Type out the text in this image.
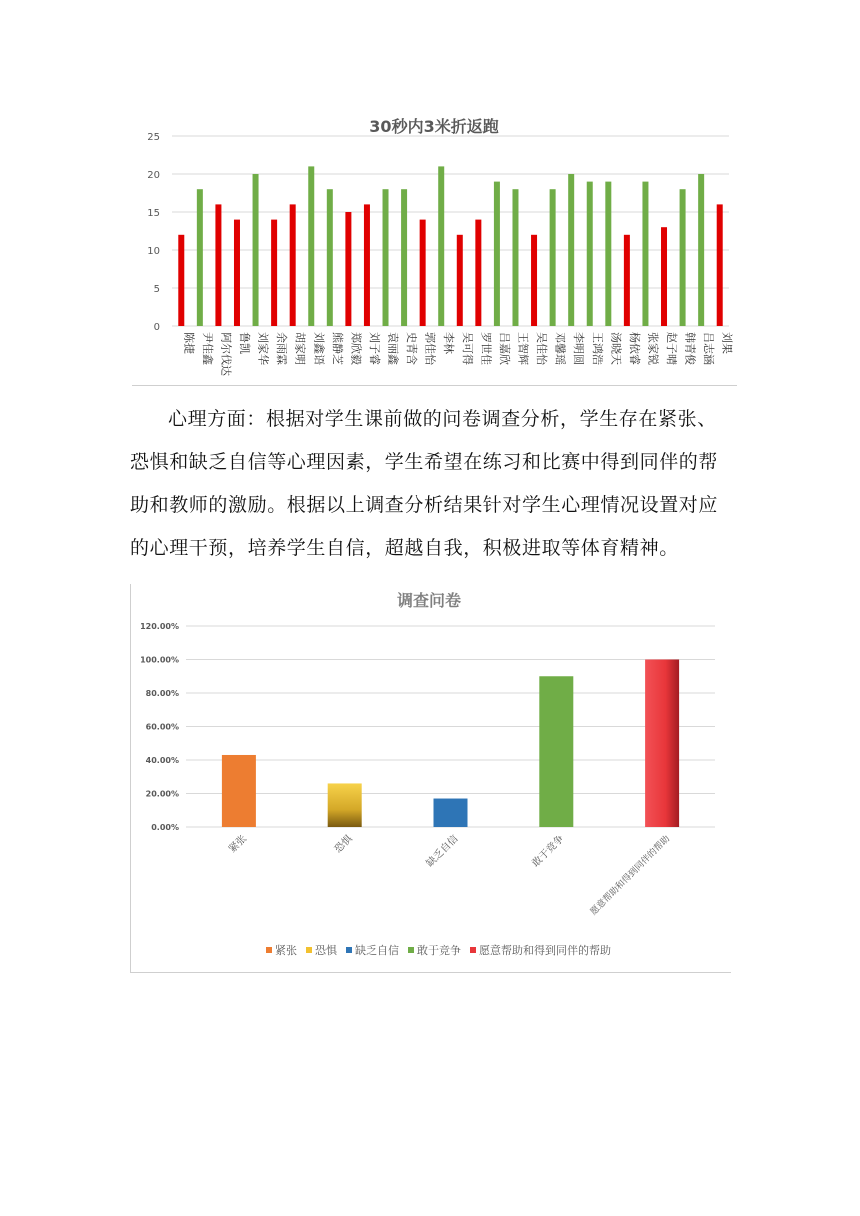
30秒内3米折返跑
0
5
10
15
20
25
陈捷 尹佳鑫 阿尔伐达 鲁凯 刘家华 余雨霖 胡家明 刘鑫语 熊静芝 郑欣毅 刘子睿 袁丽鑫 史青含 郭佳怡 李林 吴可得 罗世佳 吕嘉欣 王智辉 吴佳怡 邓馨瑶 李明圆 王鸿浩 汤晓天 杨依睿 张家锐 赵子晴 韩青俊 吕志涵 刘果
心理方面：根据对学生课前做的问卷调查分析，学生存在紧张、恐惧和缺乏自信等心理因素，学生希望在练习和比赛中得到同伴的帮助和教师的激励。根据以上调查分析结果针对学生心理情况设置对应的心理干预，培养学生自信，超越自我，积极进取等体育精神。
调查问卷
0.00%
20.00%
40.00%
60.00%
80.00%
100.00%
120.00%
紧张	恐惧	缺乏自信	敢于竞争 愿意帮助和得到同伴的帮助
紧张 恐惧 缺乏自信 敢于竞争 愿意帮助和得到同伴的帮助
